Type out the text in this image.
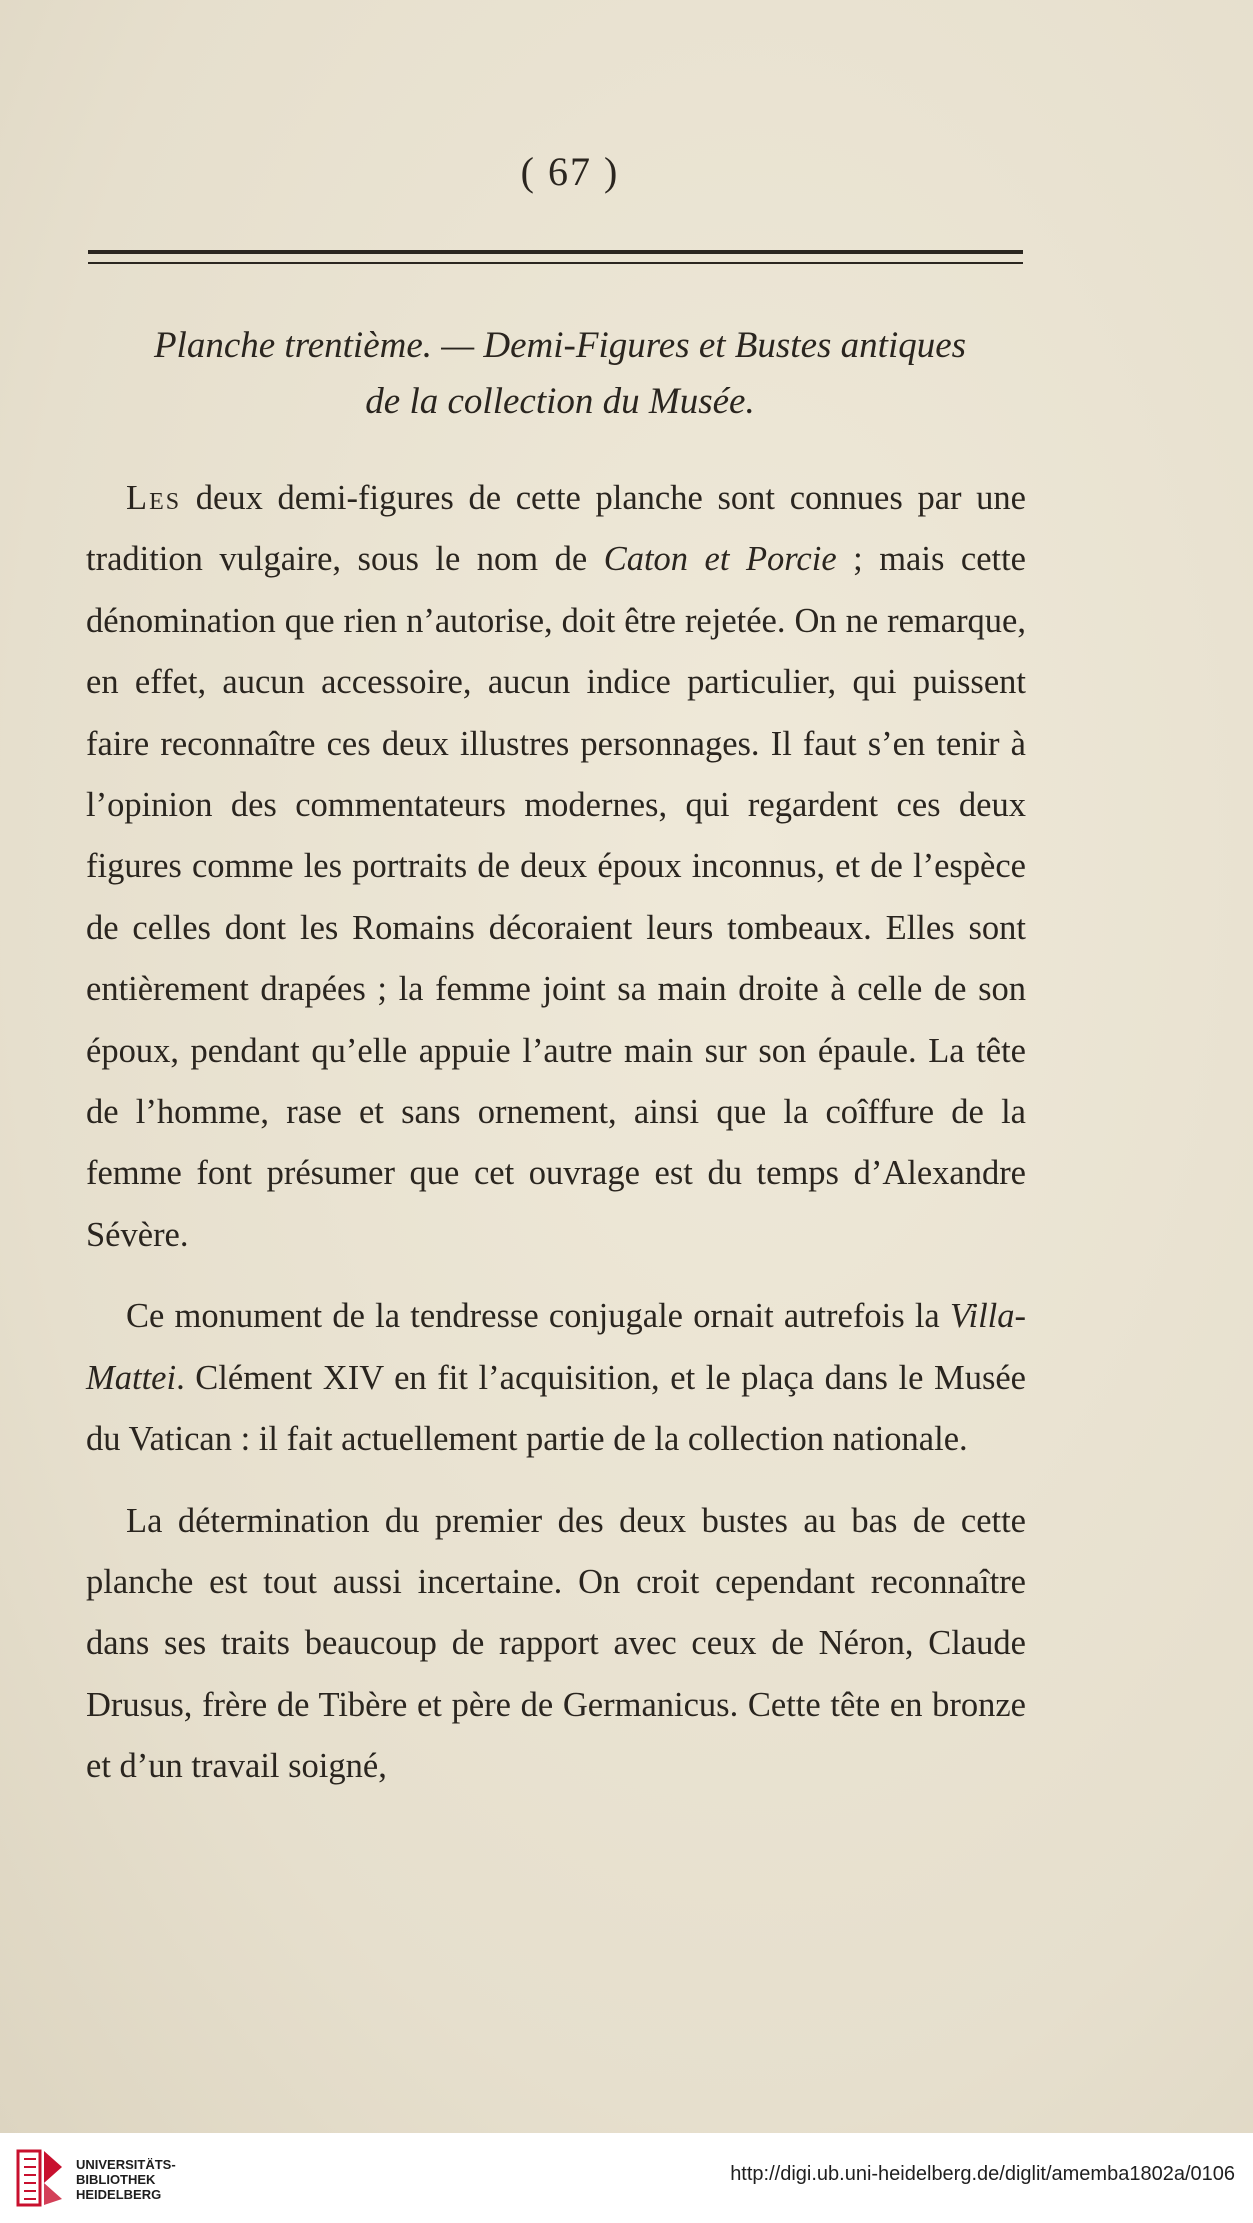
( 67 )
Planche trentième. — Demi-Figures et Bustes antiques
de la collection du Musée.

Les deux demi-figures de cette planche sont connues par une tradition vulgaire, sous le nom de Caton et Porcie ; mais cette dénomination que rien n’autorise, doit être rejetée. On ne remarque, en effet, aucun accessoire, aucun indice particulier, qui puissent faire reconnaître ces deux illustres personnages. Il faut s’en tenir à l’opinion des commentateurs modernes, qui regardent ces deux figures comme les portraits de deux époux inconnus, et de l’espèce de celles dont les Romains décoraient leurs tombeaux. Elles sont entièrement drapées ; la femme joint sa main droite à celle de son époux, pendant qu’elle appuie l’autre main sur son épaule. La tête de l’homme, rase et sans ornement, ainsi que la coîffure de la femme font présumer que cet ouvrage est du temps d’Alexandre Sévère.

Ce monument de la tendresse conjugale ornait autrefois la Villa-Mattei. Clément XIV en fit l’acquisition, et le plaça dans le Musée du Vatican : il fait actuellement partie de la collection nationale.

La détermination du premier des deux bustes au bas de cette planche est tout aussi incertaine. On croit cependant reconnaître dans ses traits beaucoup de rapport avec ceux de Néron, Claude Drusus, frère de Tibère et père de Germanicus. Cette tête en bronze et d’un travail soigné,

UNIVERSITÄTS-
BIBLIOTHEK
HEIDELBERG
http://digi.ub.uni-heidelberg.de/diglit/amemba1802a/0106
